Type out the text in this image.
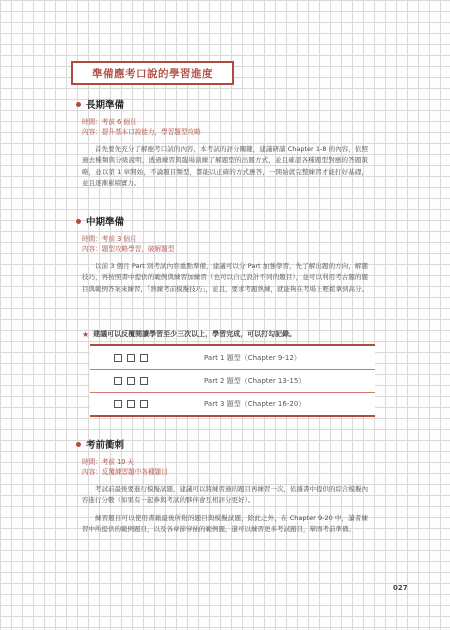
準備應考口說的學習進度
長期準備
時間：考前 6 個月
內容：提升基本口說能力，學習題型攻略

首先要先充分了解應考口試的內容，本考試的評分關鍵，建議研讀 Chapter 1-8 的內容，依照過去種類與分級說明，透過練習與臨場演練了解題型的出題方式，並且確認各種題型對應的答題策略，並以第 1 章開始，不論題目類型，都能以正確的方式應答，一開始就完整練習才能打好基礎，並且逐漸累積實力。

中期準備
時間：考前 3 個月
內容：題型攻略學習，破解題型

以前 3 個月 Part 別考試內容重點準備，建議可以分 Part 加強學習，先了解出題的方向，解題技巧，再按照書中提供的範例與練習加練習（也可以自己設計不同的題目），並可以利用考古題的題目與範例答案來練習，「熟練考前模擬技巧」，並且，要求考題熟練，就能夠在考場上輕鬆拿到高分。

★ 建議可以反覆閱讀學習至少三次以上，學習完成，可以打勾記錄。
Part 1 題型（Chapter 9-12）
Part 2 題型（Chapter 13-15）
Part 3 題型（Chapter 16-20）
考前衝刺
時間：考前 10 天
內容：反覆練習題中各種題目

考試前最後要進行模擬試題，建議可以將練習過的題目再練習一次，依據書中提供的綜合模擬內容進行分數（如果有一起參與考試的夥伴會互相評分更好）。

練習題目可以使用書籍最後所附的題目與模擬試題，除此之外，在 Chapter 9-20 中，讀者練習中所提供的範例題目，以及各章節穿插的範例題，還可以練習更多考試題目，鞏固考前準備。

027
